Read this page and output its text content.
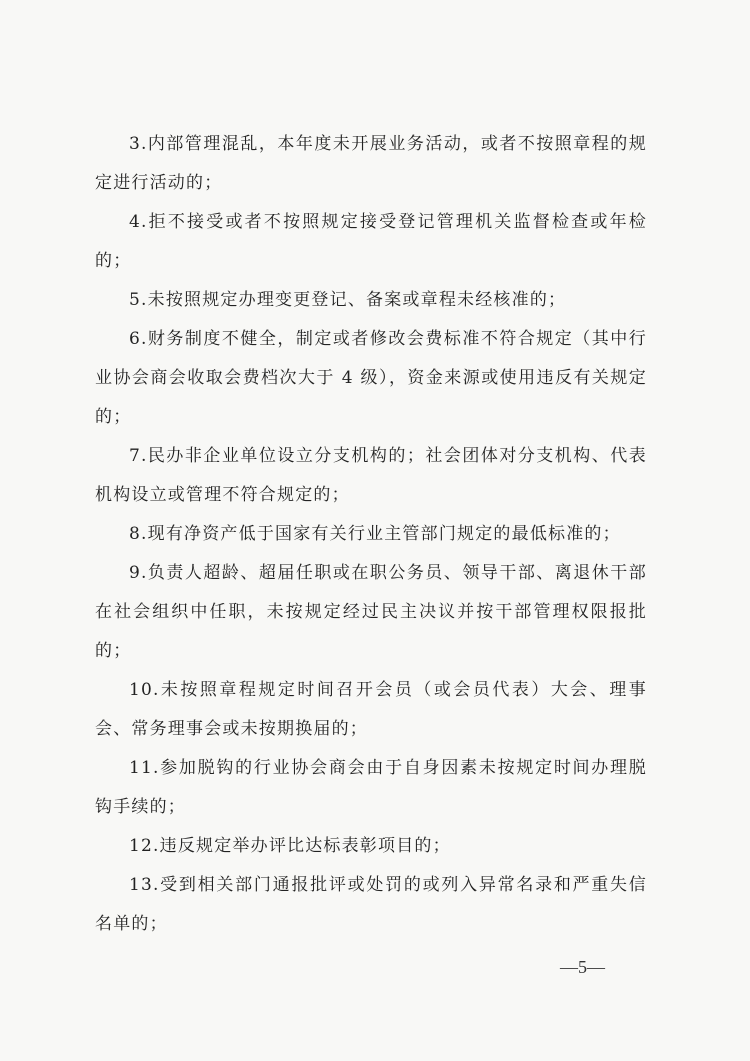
3.内部管理混乱，本年度未开展业务活动，或者不按照章程的规定进行活动的；

4.拒不接受或者不按照规定接受登记管理机关监督检查或年检的；

5.未按照规定办理变更登记、备案或章程未经核准的；

6.财务制度不健全，制定或者修改会费标准不符合规定（其中行业协会商会收取会费档次大于 4 级），资金来源或使用违反有关规定的；

7.民办非企业单位设立分支机构的；社会团体对分支机构、代表机构设立或管理不符合规定的；

8.现有净资产低于国家有关行业主管部门规定的最低标准的；

9.负责人超龄、超届任职或在职公务员、领导干部、离退休干部在社会组织中任职，未按规定经过民主决议并按干部管理权限报批的；

10.未按照章程规定时间召开会员（或会员代表）大会、理事会、常务理事会或未按期换届的；

11.参加脱钩的行业协会商会由于自身因素未按规定时间办理脱钩手续的；

12.违反规定举办评比达标表彰项目的；

13.受到相关部门通报批评或处罚的或列入异常名录和严重失信名单的；

—5—
